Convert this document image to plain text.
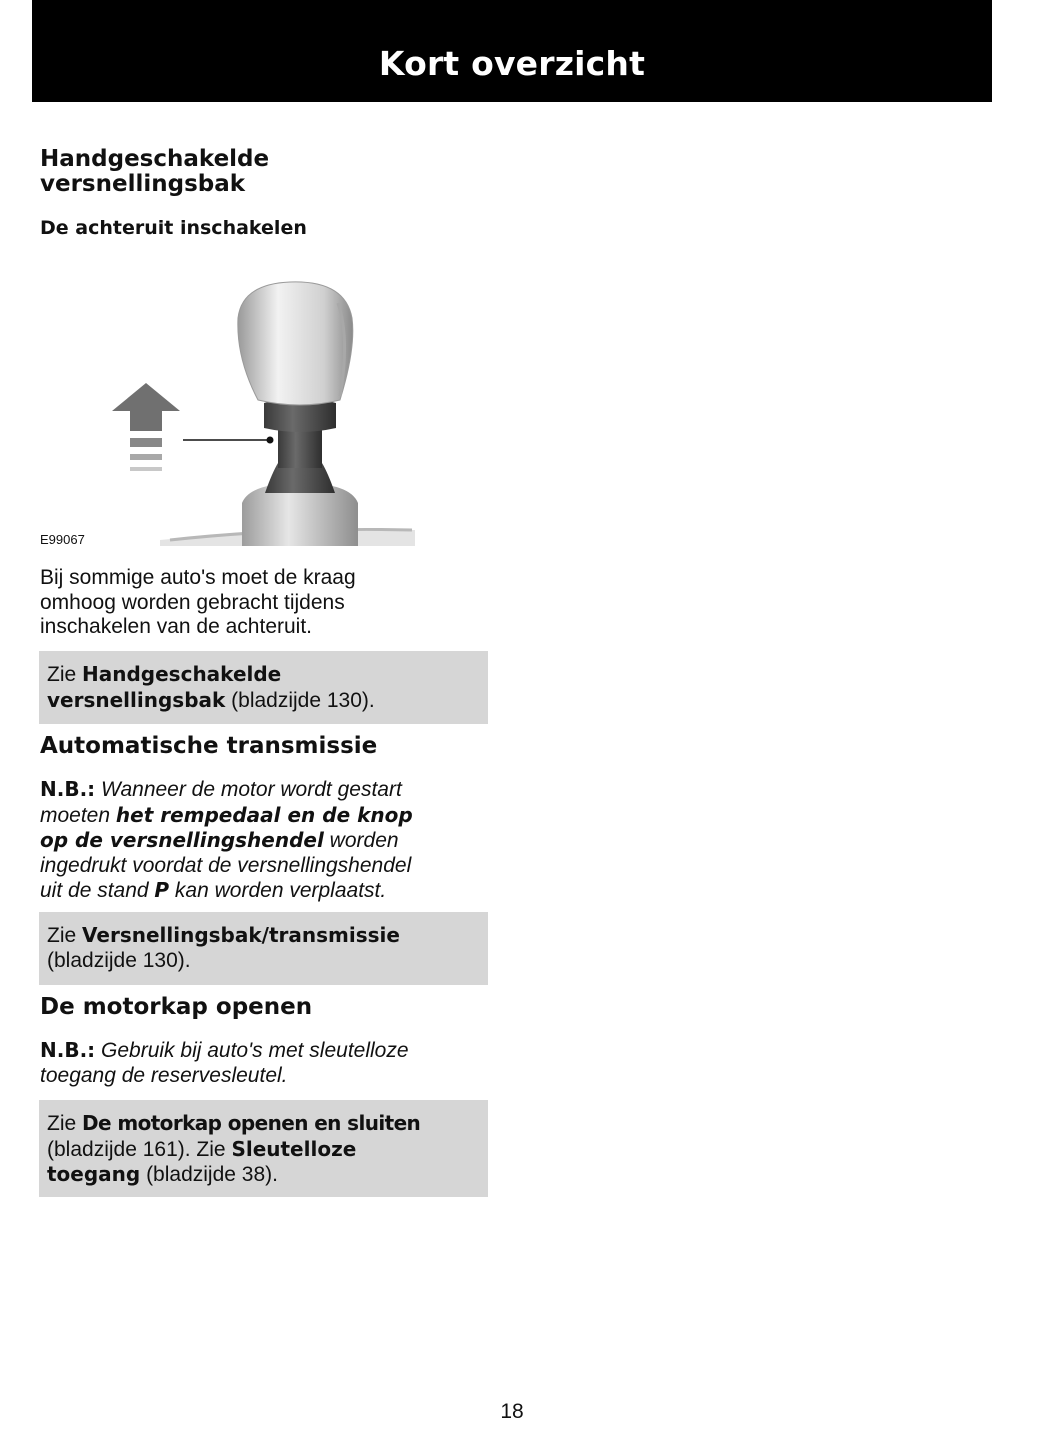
Kort overzicht
Handgeschakelde
versnellingsbak
De achteruit inschakelen
E99067

Bij sommige auto's moet de kraag
omhoog worden gebracht tijdens
inschakelen van de achteruit.

Zie Handgeschakelde
versnellingsbak (bladzijde 130).
Automatische transmissie

N.B.: Wanneer de motor wordt gestart
moeten het rempedaal en de knop
op de versnellingshendel worden
ingedrukt voordat de versnellingshendel
uit de stand P kan worden verplaatst.

Zie Versnellingsbak/transmissie
(bladzijde 130).
De motorkap openen

N.B.: Gebruik bij auto's met sleutelloze
toegang de reservesleutel.

Zie De motorkap openen en sluiten
(bladzijde 161). Zie Sleutelloze
toegang (bladzijde 38).
18
